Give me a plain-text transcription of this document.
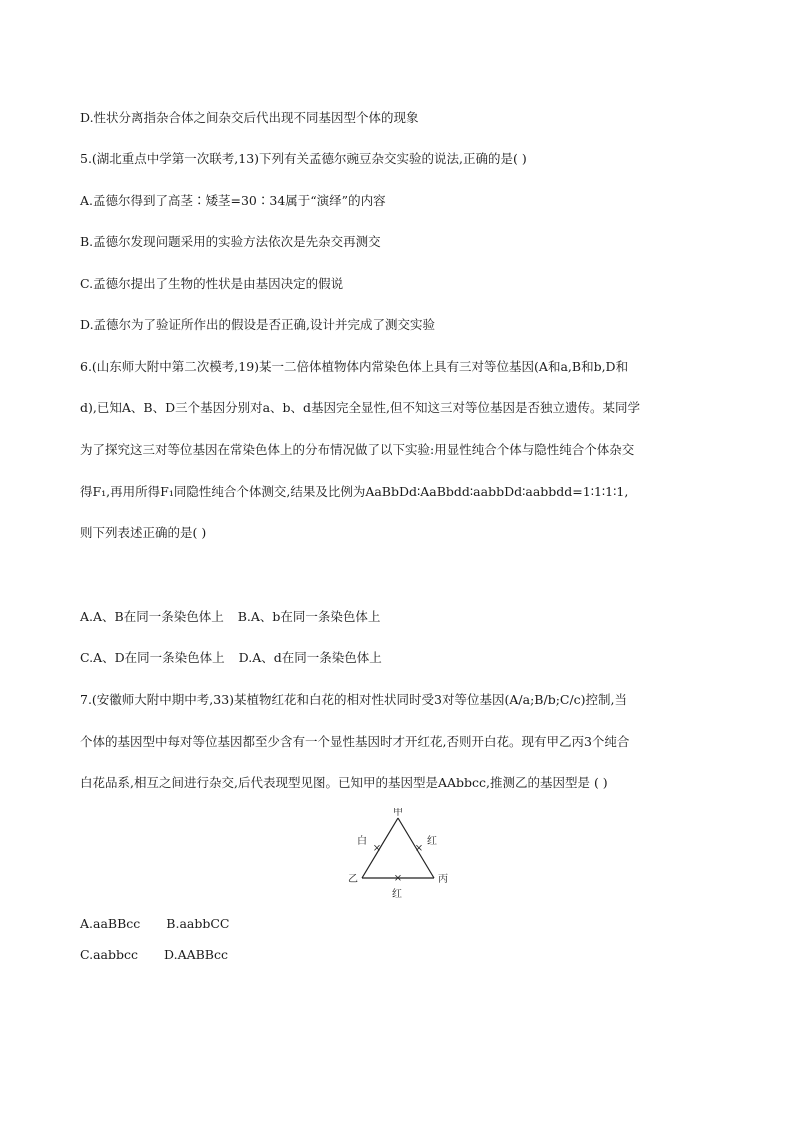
D.性状分离指杂合体之间杂交后代出现不同基因型个体的现象
5.(湖北重点中学第一次联考,13)下列有关孟德尔豌豆杂交实验的说法,正确的是( )
A.孟德尔得到了高茎∶矮茎=30∶34属于“演绎”的内容
B.孟德尔发现问题采用的实验方法依次是先杂交再测交
C.孟德尔提出了生物的性状是由基因决定的假说
D.孟德尔为了验证所作出的假设是否正确,设计并完成了测交实验
6.(山东师大附中第二次模考,19)某一二倍体植物体内常染色体上具有三对等位基因(A和a,B和b,D和
d),已知A、B、D三个基因分别对a、b、d基因完全显性,但不知这三对等位基因是否独立遗传。某同学
为了探究这三对等位基因在常染色体上的分布情况做了以下实验:用显性纯合个体与隐性纯合个体杂交
得F₁,再用所得F₁同隐性纯合个体测交,结果及比例为AaBbDd∶AaBbdd∶aabbDd∶aabbdd=1∶1∶1∶1,
则下列表述正确的是( )
A.A、B在同一条染色体上 B.A、b在同一条染色体上
C.A、D在同一条染色体上 D.A、d在同一条染色体上
7.(安徽师大附中期中考,33)某植物红花和白花的相对性状同时受3对等位基因(A/a;B/b;C/c)控制,当
个体的基因型中每对等位基因都至少含有一个显性基因时才开红花,否则开白花。现有甲乙丙3个纯合
白花品系,相互之间进行杂交,后代表现型见图。已知甲的基因型是AAbbcc,推测乙的基因型是 ( )
×	×
×
甲
乙	丙
白	红
红
A.aaBBcc B.aabbCC
C.aabbcc D.AABBcc
